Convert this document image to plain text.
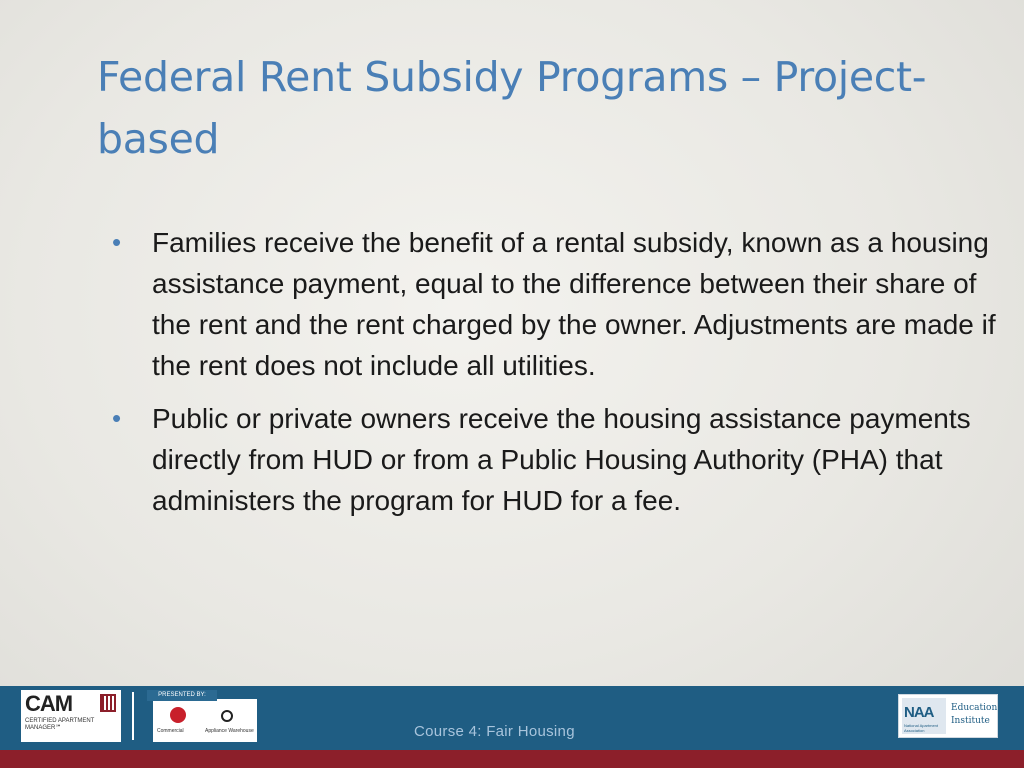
Federal Rent Subsidy Programs – Project-based
• Families receive the benefit of a rental subsidy, known as a housing assistance payment, equal to the difference between their share of the rent and the rent charged by the owner. Adjustments are made if the rent does not include all utilities.
• Public or private owners receive the housing assistance payments directly from HUD or from a Public Housing Authority (PHA) that administers the program for HUD for a fee.
CAM
CERTIFIED APARTMENT MANAGER℠	Commercial	Appliance Warehouse
PRESENTED BY:
Course 4: Fair Housing
NAA
National Apartment Association
Education
Institute
